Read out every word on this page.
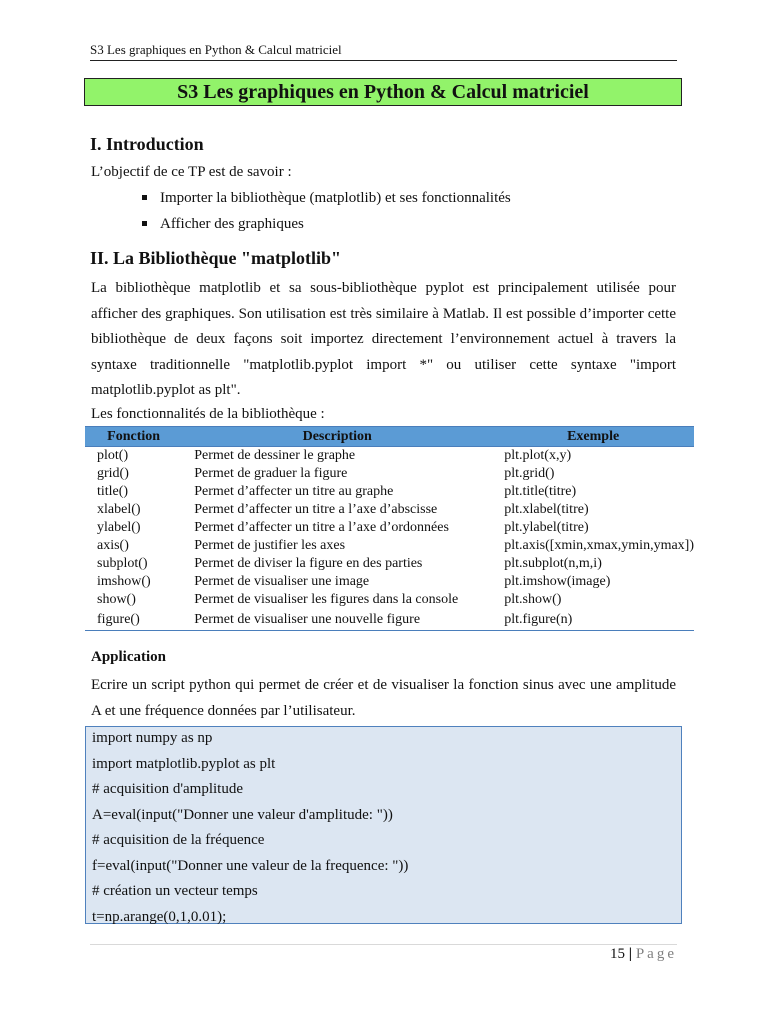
S3 Les graphiques en Python & Calcul matriciel
S3 Les graphiques en Python & Calcul matriciel
I. Introduction
L’objectif de ce TP est de savoir :
Importer la bibliothèque (matplotlib) et ses fonctionnalités
Afficher des graphiques
II. La Bibliothèque "matplotlib"
La bibliothèque matplotlib et sa sous-bibliothèque pyplot est principalement utilisée pour afficher des graphiques. Son utilisation est très similaire à Matlab. Il est possible d’importer cette bibliothèque de deux façons soit importez directement l’environnement actuel à travers la syntaxe traditionnelle "matplotlib.pyplot import *" ou utiliser cette syntaxe "import matplotlib.pyplot as plt".
Les fonctionnalités de la bibliothèque :
Fonction	Description	Exemple
plot()	Permet de dessiner le graphe	plt.plot(x,y)
grid()	Permet de graduer la figure	plt.grid()
title()	Permet d’affecter un titre au graphe	plt.title(titre)
xlabel()	Permet d’affecter un titre a l’axe d’abscisse	plt.xlabel(titre)
ylabel()	Permet d’affecter un titre a l’axe d’ordonnées	plt.ylabel(titre)
axis()	Permet de justifier les axes	plt.axis([xmin,xmax,ymin,ymax])
subplot()	Permet de diviser la figure en des parties	plt.subplot(n,m,i)
imshow()	Permet de visualiser une image	plt.imshow(image)
show()	Permet de visualiser les figures dans la console	plt.show()
figure()	Permet de visualiser une nouvelle figure	plt.figure(n)
Application
Ecrire un script python qui permet de créer et de visualiser la fonction sinus avec une amplitude A et une fréquence données par l’utilisateur.
import numpy as np
import matplotlib.pyplot as plt
# acquisition d'amplitude
A=eval(input("Donner une valeur d'amplitude: "))
# acquisition de la fréquence
f=eval(input("Donner une valeur de la frequence: "))
# création un vecteur temps
t=np.arange(0,1,0.01);
15 | Page
